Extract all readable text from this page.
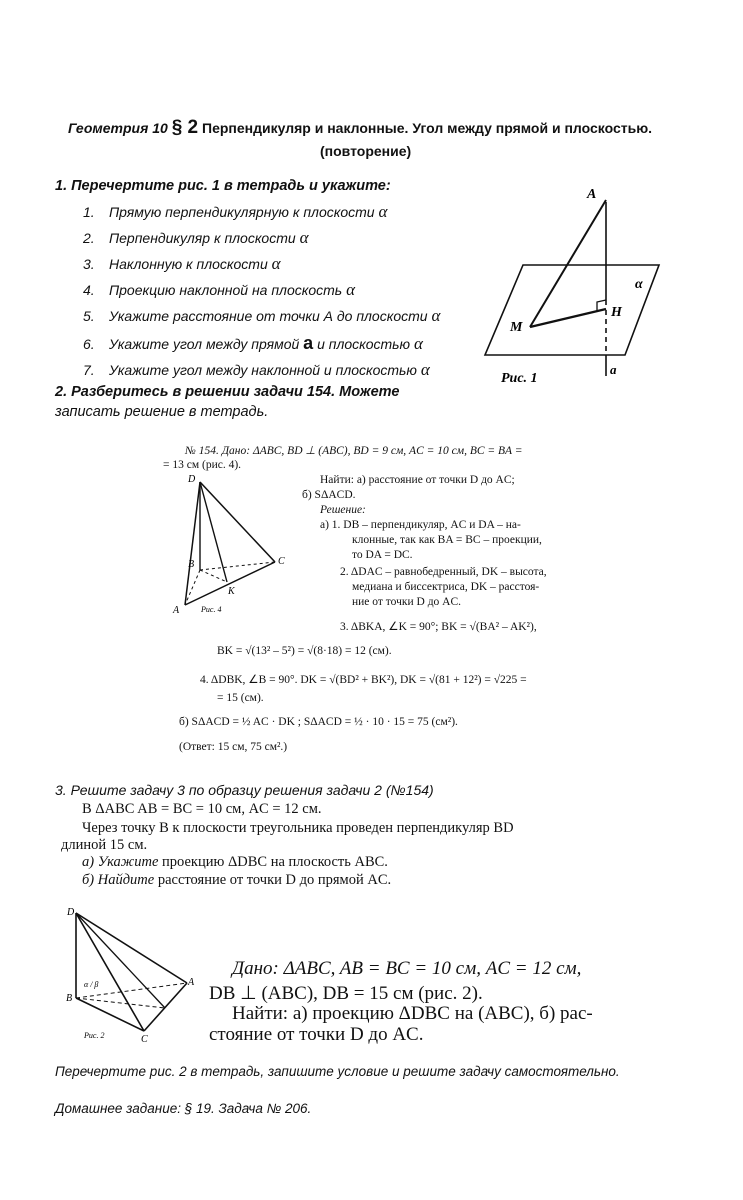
Геометрия 10 § 2 Перпендикуляр и наклонные. Угол между прямой и плоскостью.
(повторение)
1. Перечертите рис. 1 в тетрадь и укажите:
1. Прямую перпендикулярную к плоскости α
2. Перпендикуляр к плоскости α
3. Наклонную к плоскости α
4. Проекцию наклонной на плоскость α
5. Укажите расстояние от точки А до плоскости α
6. Укажите угол между прямой a и плоскостью α
7. Укажите угол между наклонной и плоскостью α
A
M
H
α
a
Рис. 1
2. Разберитесь в решении задачи 154. Можете
записать решение в тетрадь.
№ 154. Дано: ΔABC, BD ⊥ (ABC), BD = 9 см, AC = 10 см, BC = BA =
= 13 см (рис. 4).
Найти: а) расстояние от точки D до AC;
б) SΔACD.
Решение:
а) 1. DB – перпендикуляр, AC и DA – на-
клонные, так как BA = BC – проекции,
то DA = DC.
2. ΔDAC – равнобедренный, DK – высота,
медиана и биссектриса, DK – расстоя-
ние от точки D до AC.
3. ΔBKA, ∠K = 90°; BK = √(BA² – AK²),
BK = √(13² – 5²) = √(8·18) = 12 (см).
4. ΔDBK, ∠B = 90°. DK = √(BD² + BK²), DK = √(81 + 12²) = √225 =
= 15 (см).
б) SΔACD = ½ AC · DK ; SΔACD = ½ · 10 · 15 = 75 (см²).
(Ответ: 15 см, 75 см².)
D
B	C
K
A	Рис. 4
3. Решите задачу 3 по образцу решения задачи 2 (№154)
В ΔABC AB = BC = 10 см, AC = 12 см.
Через точку B к плоскости треугольника проведен перпендикуляр BD
длиной 15 см.
а) Укажите проекцию ΔDBC на плоскость ABC.
б) Найдите расстояние от точки D до прямой AC.
D
B
A
C
α / β
Рис. 2
Дано: ΔABC, AB = BC = 10 см, AC = 12 см,
DB ⊥ (ABC), DB = 15 см (рис. 2).
Найти: а) проекцию ΔDBC на (ABC), б) рас-
стояние от точки D до AC.
Перечертите рис. 2 в тетрадь, запишите условие и решите задачу самостоятельно.
Домашнее задание: § 19. Задача № 206.
